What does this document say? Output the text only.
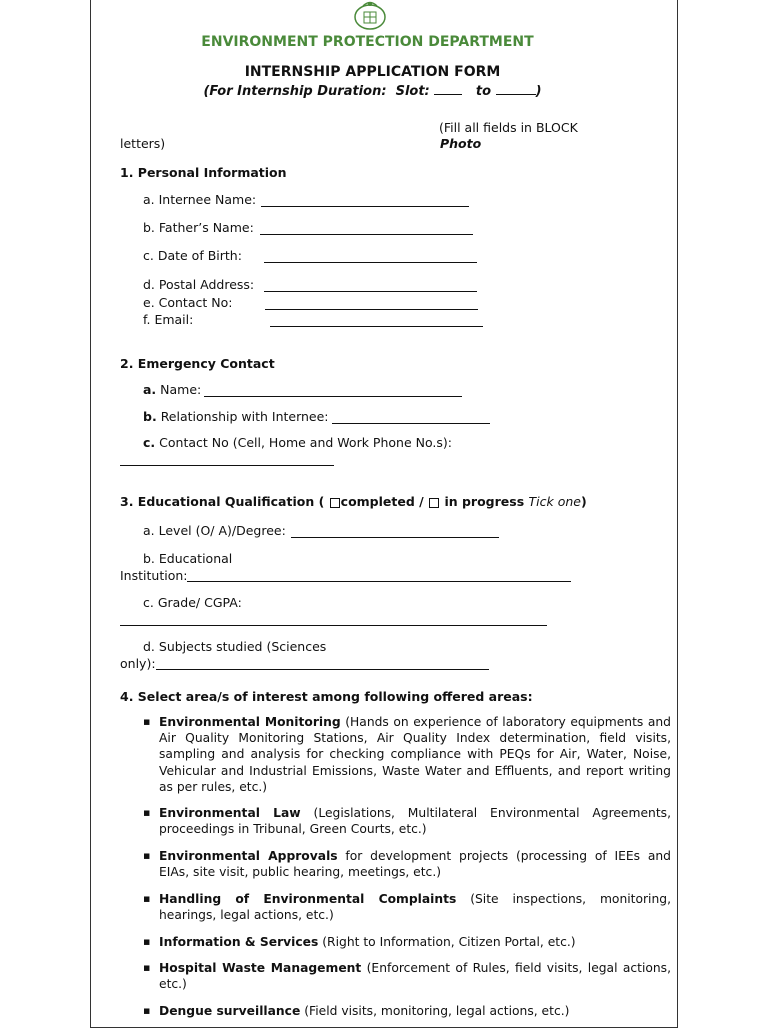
ENVIRONMENT PROTECTION DEPARTMENT
INTERNSHIP APPLICATION FORM
(For Internship Duration: Slot:	to	)
(Fill all fields in BLOCK
letters)	Photo
1. Personal Information
a. Internee Name:
b. Father’s Name:
c. Date of Birth:
d. Postal Address:
e. Contact No:
f. Email:
2. Emergency Contact
a. Name:
b. Relationship with Internee:
c. Contact No (Cell, Home and Work Phone No.s):
3. Educational Qualification ( completed / in progress Tick one)
a. Level (O/ A)/Degree:
b. Educational
Institution:
c. Grade/ CGPA:
d. Subjects studied (Sciences
only):
4. Select area/s of interest among following offered areas:
▪ Environmental Monitoring (Hands on experience of laboratory equipments and Air Quality Monitoring Stations, Air Quality Index determination, field visits, sampling and analysis for checking compliance with PEQs for Air, Water, Noise, Vehicular and Industrial Emissions, Waste Water and Effluents, and report writing as per rules, etc.)
▪ Environmental Law (Legislations, Multilateral Environmental Agreements, proceedings in Tribunal, Green Courts, etc.)
▪ Environmental Approvals for development projects (processing of IEEs and EIAs, site visit, public hearing, meetings, etc.)
▪ Handling of Environmental Complaints (Site inspections, monitoring, hearings, legal actions, etc.)
▪ Information & Services (Right to Information, Citizen Portal, etc.)
▪ Hospital Waste Management (Enforcement of Rules, field visits, legal actions, etc.)
▪ Dengue surveillance (Field visits, monitoring, legal actions, etc.)
